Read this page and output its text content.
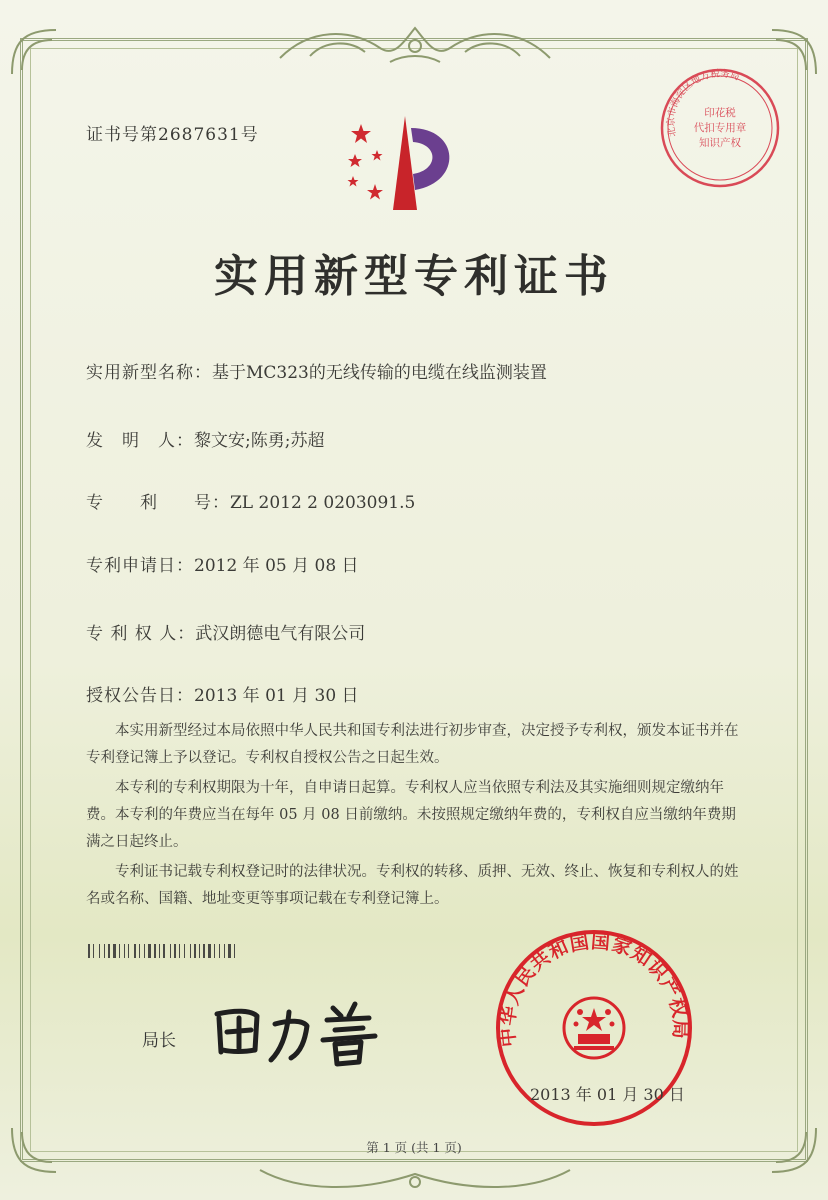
证书号第2687631号	北京市海淀区地方税务局
印花税
代扣专用章
知识产权
实用新型专利证书
实用新型名称：基于MC323的无线传输的电缆在线监测装置
发　明　人：黎文安;陈勇;苏超
专　　利　　号：ZL 2012 2 0203091.5
专利申请日：2012 年 05 月 08 日
专 利 权 人：武汉朗德电气有限公司
授权公告日：2013 年 01 月 30 日

本实用新型经过本局依照中华人民共和国专利法进行初步审查，决定授予专利权，颁发本证书并在专利登记簿上予以登记。专利权自授权公告之日起生效。

本专利的专利权期限为十年，自申请日起算。专利权人应当依照专利法及其实施细则规定缴纳年费。本专利的年费应当在每年 05 月 08 日前缴纳。未按照规定缴纳年费的，专利权自应当缴纳年费期满之日起终止。

专利证书记载专利权登记时的法律状况。专利权的转移、质押、无效、终止、恢复和专利权人的姓名或名称、国籍、地址变更等事项记载在专利登记簿上。

局长	中华人民共和国国家知识产权局
2013 年 01 月 30 日
第 1 页 (共 1 页)
